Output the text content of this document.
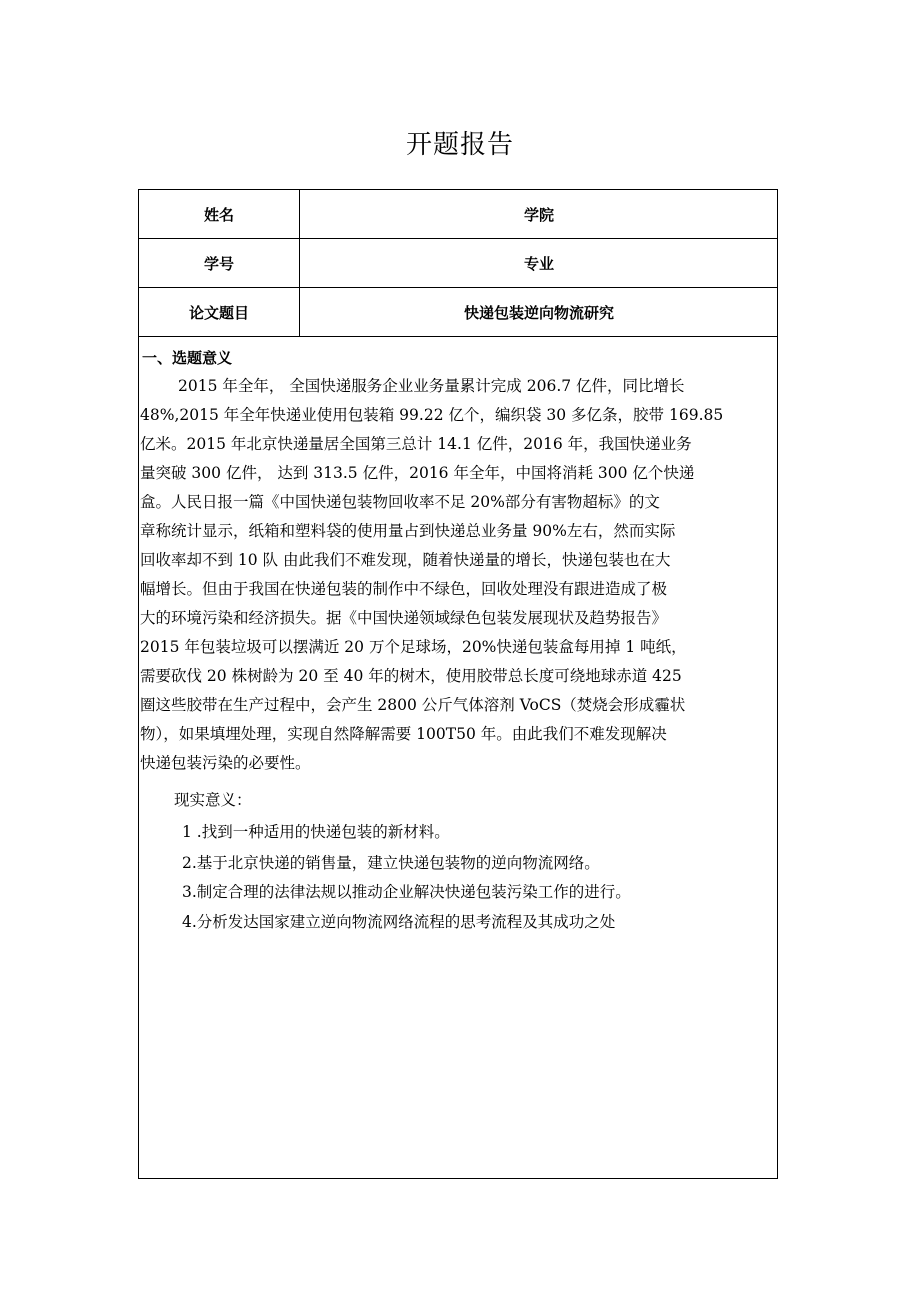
开题报告
姓名	学院
学号	专业
论文题目	快递包装逆向物流研究
一、选题意义
2015 年全年， 全国快递服务企业业务量累计完成 206.7 亿件，同比增长
48%,2015 年全年快递业使用包装箱 99.22 亿个，编织袋 30 多亿条，胶带 169.85
亿米。2015 年北京快递量居全国第三总计 14.1 亿件，2016 年，我国快递业务
量突破 300 亿件， 达到 313.5 亿件，2016 年全年，中国将消耗 300 亿个快递
盒。人民日报一篇《中国快递包装物回收率不足 20%部分有害物超标》的文
章称统计显示，纸箱和塑料袋的使用量占到快递总业务量 90%左右，然而实际
回收率却不到 10 队 由此我们不难发现，随着快递量的增长，快递包装也在大
幅增长。但由于我国在快递包装的制作中不绿色，回收处理没有跟进造成了极
大的环境污染和经济损失。据《中国快递领域绿色包装发展现状及趋势报告》
2015 年包装垃圾可以摆满近 20 万个足球场，20%快递包装盒每用掉 1 吨纸，
需要砍伐 20 株树龄为 20 至 40 年的树木，使用胶带总长度可绕地球赤道 425
圈这些胶带在生产过程中，会产生 2800 公斤气体溶剂 VoCS（焚烧会形成霾状
物），如果填埋处理，实现自然降解需要 100T50 年。由此我们不难发现解决
快递包装污染的必要性。
现实意义：
1 .找到一种适用的快递包装的新材料。
2.基于北京快递的销售量，建立快递包装物的逆向物流网络。
3.制定合理的法律法规以推动企业解决快递包装污染工作的进行。
4.分析发达国家建立逆向物流网络流程的思考流程及其成功之处
